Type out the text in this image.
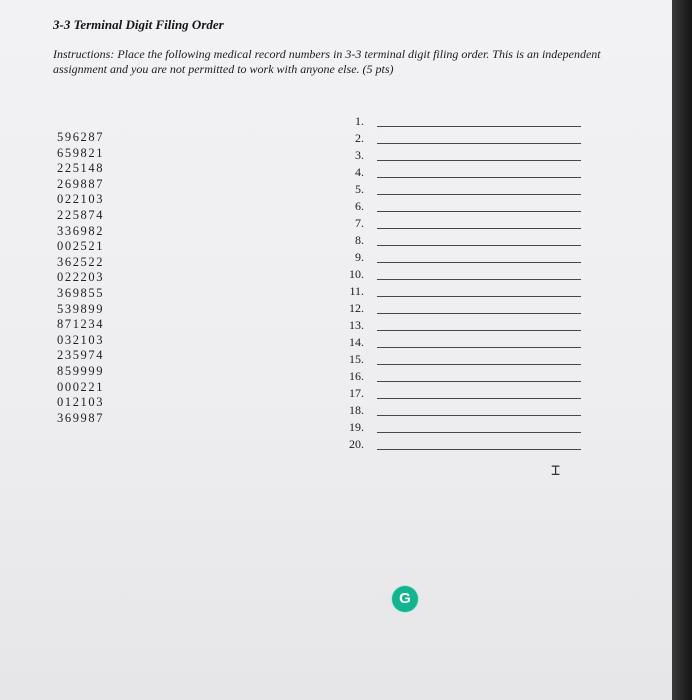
3-3 Terminal Digit Filing Order
Instructions: Place the following medical record numbers in 3-3 terminal digit filing order. This is an independent assignment and you are not permitted to work with anyone else. (5 pts)
596287
659821
225148
269887
022103
225874
336982
002521
362522
022203
369855
539899
871234
032103
235974
859999
000221
012103
369987
1.
2.
3.
4.
5.
6.
7.
8.
9.
10.
11.
12.
13.
14.
15.
16.
17.
18.
19.
20.
⌶
G
